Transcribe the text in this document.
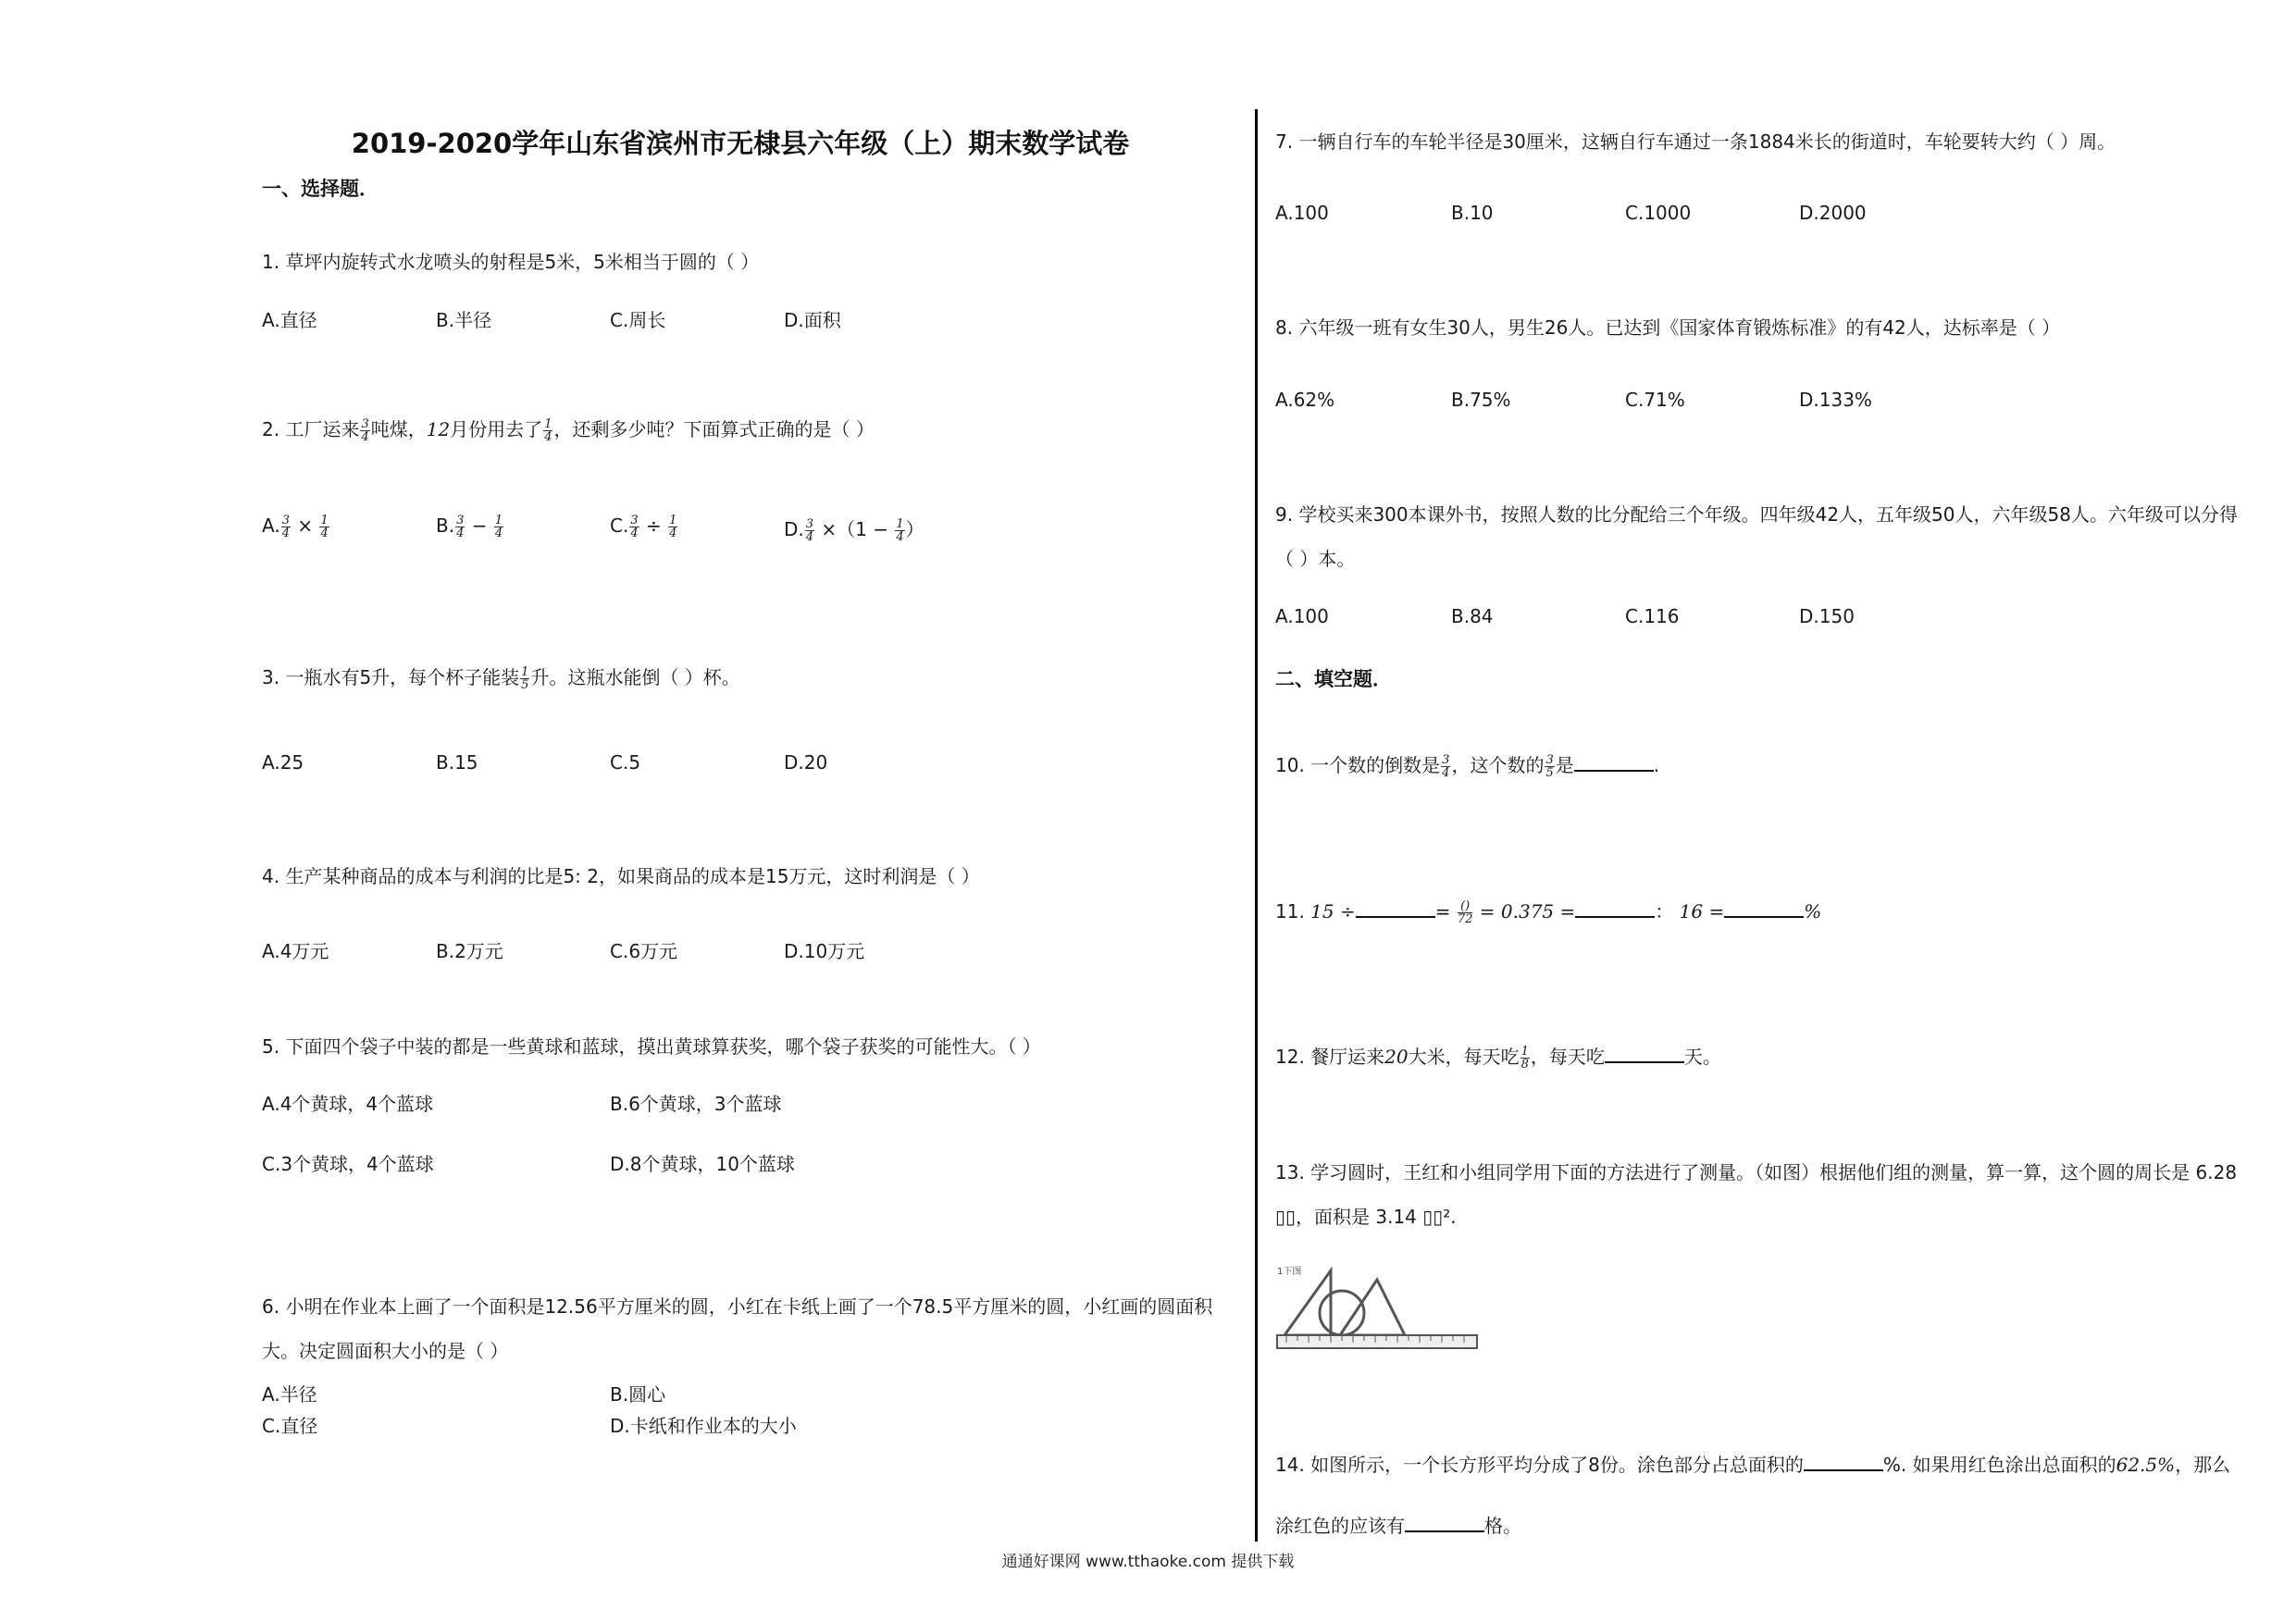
2019-2020学年山东省滨州市无棣县六年级（上）期末数学试卷
一、选择题．
1. 草坪内旋转式水龙喷头的射程是5米，5米相当于圆的（ ）
A.直径	B.半径	C.周长	D.面积
2. 工厂运来 $\frac{3}{4}$ 吨煤，12月份用去了 $\frac{1}{4}$ ，还剩多少吨？下面算式正确的是（ ）
A. $\frac{3}{4} \times \frac{1}{4}$	B. $\frac{3}{4} - \frac{1}{4}$	C. $\frac{3}{4} \div \frac{1}{4}$	D. $\frac{3}{4} \times(1 - \frac{1}{4}$ ）
3. 一瓶水有5升，每个杯子能装 $\frac{1}{5}$ 升。这瓶水能倒（ ）杯。
A.25	B.15	C.5	D.20
4. 生产某种商品的成本与利润的比是5: 2，如果商品的成本是15万元，这时利润是（ ）
A.4万元	B.2万元	C.6万元	D.10万元
5. 下面四个袋子中装的都是一些黄球和蓝球，摸出黄球算获奖，哪个袋子获奖的可能性大。（ ）
A.4个黄球，4个蓝球	B.6个黄球，3个蓝球
C.3个黄球，4个蓝球	D.8个黄球，10个蓝球
6. 小明在作业本上画了一个面积是12.56平方厘米的圆，小红在卡纸上画了一个78.5平方厘米的圆，小红画的圆面积大。决定圆面积大小的是（ ）
A.半径	B.圆心
C.直径	D.卡纸和作业本的大小
7. 一辆自行车的车轮半径是30厘米，这辆自行车通过一条1884米长的街道时，车轮要转大约（ ）周。
A.100	B.10	C.1000	D.2000
8. 六年级一班有女生30人，男生26人。已达到《国家体育锻炼标准》的有42人，达标率是（ ）
A.62%	B.75%	C.71%	D.133%
9. 学校买来300本课外书，按照人数的比分配给三个年级。四年级42人，五年级50人，六年级58人。六年级可以分得（ ）本。
A.100	B.84	C.116	D.150
二、填空题．
10. 一个数的倒数是 $\frac{3}{4}$ ，这个数的 $\frac{3}{5}$ 是	.
11. 15 ÷	= $\frac{()}{72} = 0.375$ =	： 16 =	%
12. 餐厅运来20大米，每天吃 $\frac{1}{8}$ ，每天吃	天。
13. 学习圆时，王红和小组同学用下面的方法进行了测量。（如图）根据他们组的测量，算一算，这个圆的周长是 6.28 ▯▯，面积是 3.14 ▯▯².
1下图
14. 如图所示，一个长方形平均分成了8份。涂色部分占总面积的	%. 如果用红色涂出总面积的62.5%，那么涂红色的应该有	格。
通通好课网 www.tthaoke.com 提供下载
